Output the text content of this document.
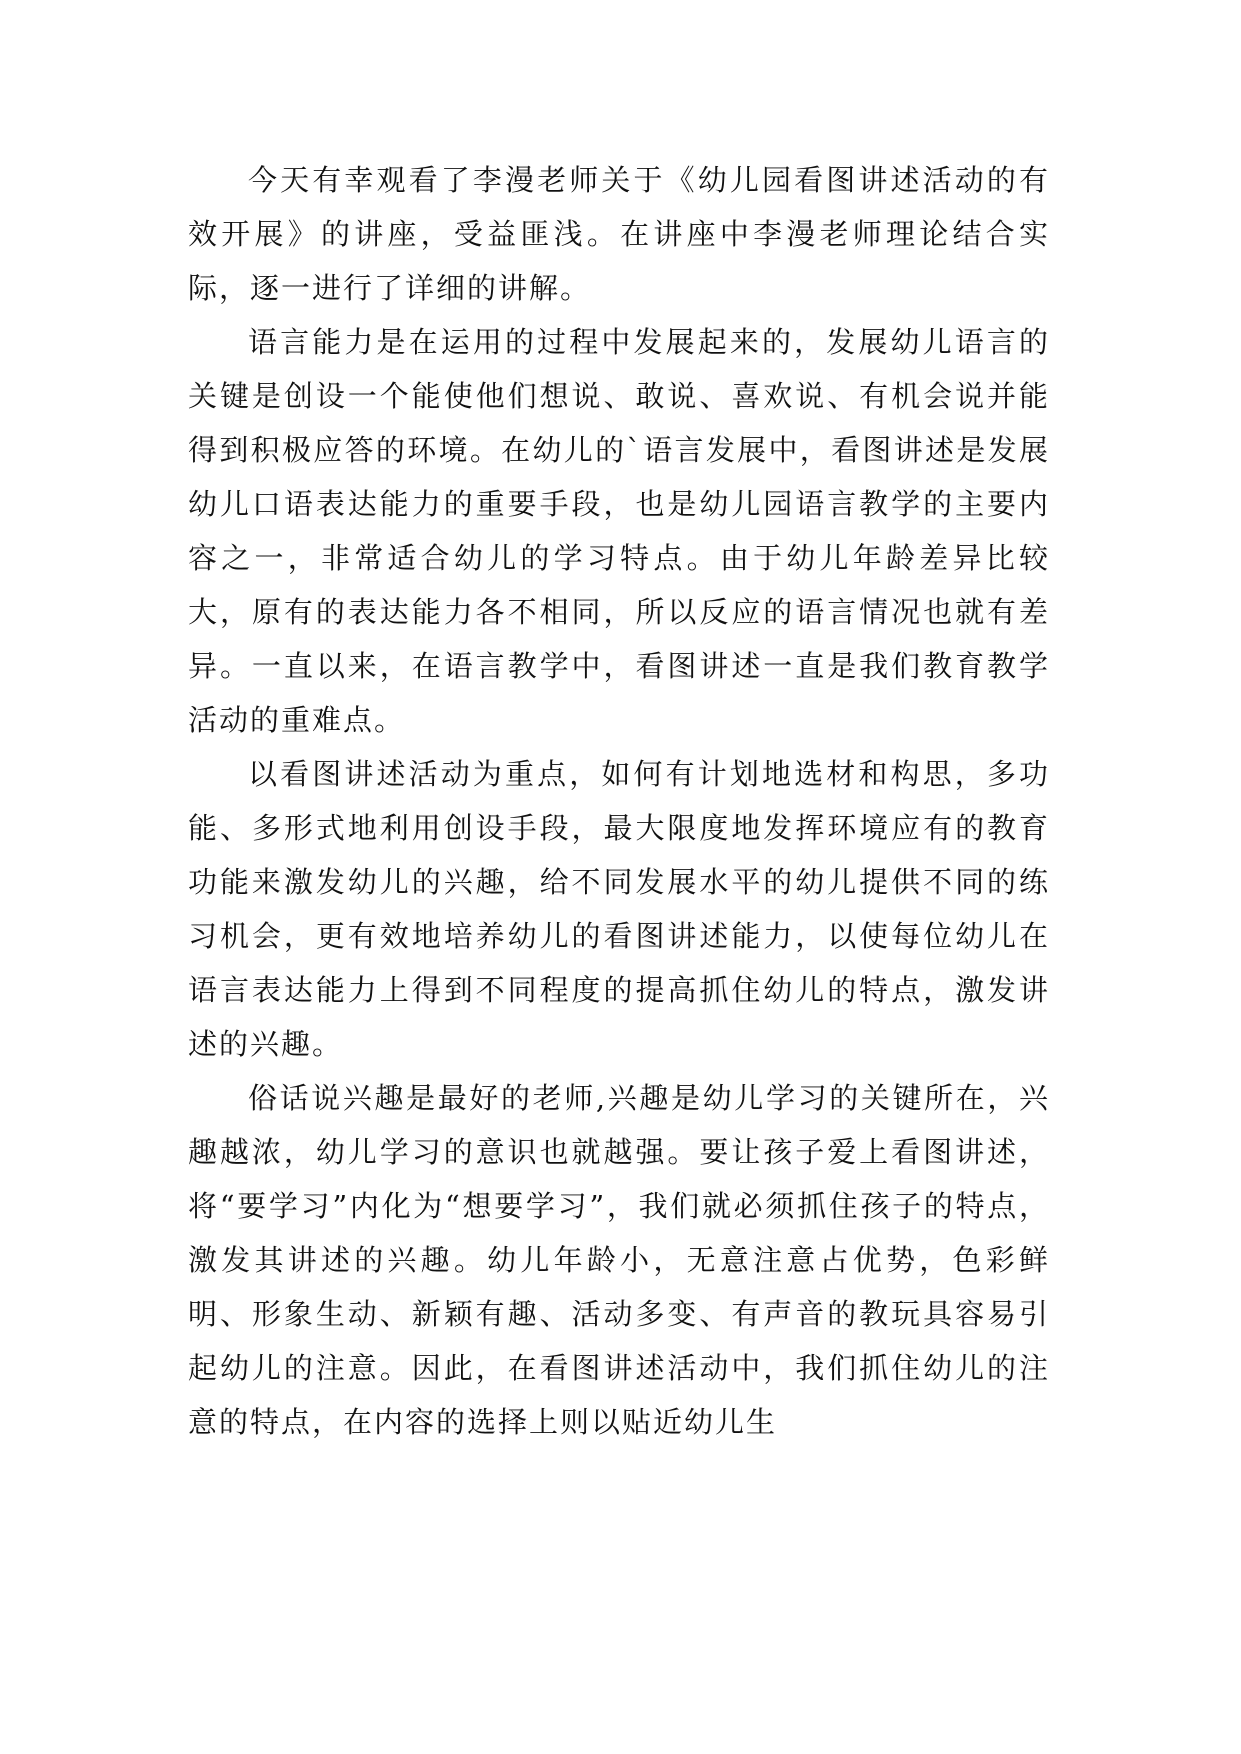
今天有幸观看了李漫老师关于《幼儿园看图讲述活动的有效开展》的讲座，受益匪浅。在讲座中李漫老师理论结合实际，逐一进行了详细的讲解。

语言能力是在运用的过程中发展起来的，发展幼儿语言的关键是创设一个能使他们想说、敢说、喜欢说、有机会说并能得到积极应答的环境。在幼儿的`语言发展中，看图讲述是发展幼儿口语表达能力的重要手段，也是幼儿园语言教学的主要内容之一，非常适合幼儿的学习特点。由于幼儿年龄差异比较大，原有的表达能力各不相同，所以反应的语言情况也就有差异。一直以来，在语言教学中，看图讲述一直是我们教育教学活动的重难点。

以看图讲述活动为重点，如何有计划地选材和构思，多功能、多形式地利用创设手段，最大限度地发挥环境应有的教育功能来激发幼儿的兴趣，给不同发展水平的幼儿提供不同的练习机会，更有效地培养幼儿的看图讲述能力，以使每位幼儿在语言表达能力上得到不同程度的提高抓住幼儿的特点，激发讲述的兴趣。

俗话说兴趣是最好的老师,兴趣是幼儿学习的关键所在，兴趣越浓，幼儿学习的意识也就越强。要让孩子爱上看图讲述，将“要学习”内化为“想要学习”，我们就必须抓住孩子的特点，激发其讲述的兴趣。幼儿年龄小，无意注意占优势，色彩鲜明、形象生动、新颖有趣、活动多变、有声音的教玩具容易引起幼儿的注意。因此，在看图讲述活动中，我们抓住幼儿的注意的特点，在内容的选择上则以贴近幼儿生
